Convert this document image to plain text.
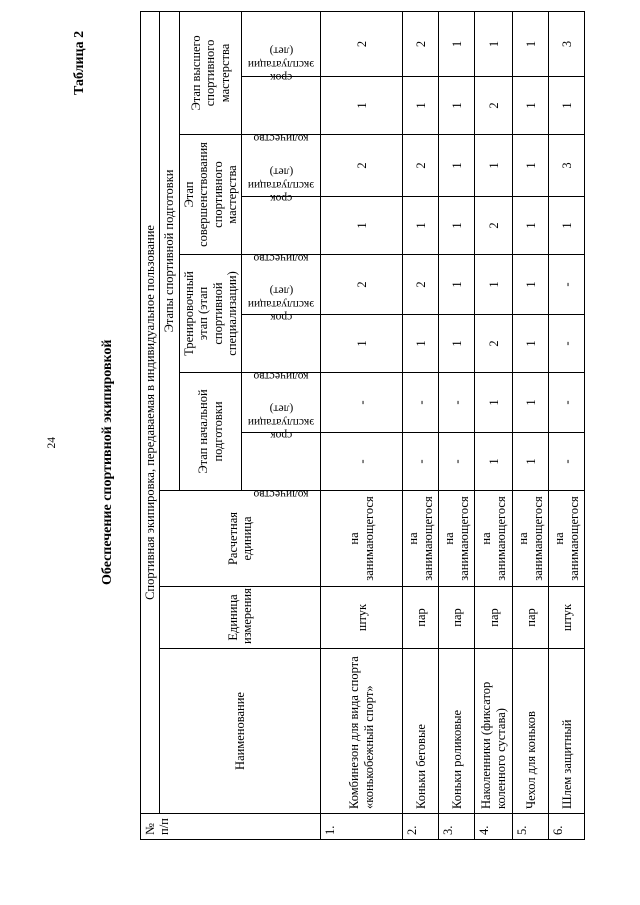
24
Таблица 2
Обеспечение спортивной экипировкой
№ п/п	Спортивная экипировка, передаваемая в индивидуальное пользование										
	Наименование	Единица измерения	Расчетная единица	Этапы спортивной подготовки							
				Этап начальной подготовки		Тренировочный этап (этап спортивной специализации)		Этап совершенствования спортивного мастерства		Этап высшего спортивного мастерства	

				количество	срок эксплуатации (лет)	количество	срок эксплуатации (лет)	количество	срок эксплуатации (лет)	количество	срок эксплуатации (лет)

1.	Комбинезон для вида спорта «конькобежный спорт»	штук	на занимающегося	-	-	1	2	1	2	1	2
2.	Коньки беговые	пар	на занимающегося	-	-	1	2	1	2	1	2
3.	Коньки роликовые	пар	на занимающегося	-	-	1	1	1	1	1	1
4.	Наколенники (фиксатор коленного сустава)	пар	на занимающегося	1	1	2	1	2	1	2	1
5.	Чехол для коньков	пар	на занимающегося	1	1	1	1	1	1	1	1
6.	Шлем защитный	штук	на занимающегося	-	-	-	-	1	3	1	3
